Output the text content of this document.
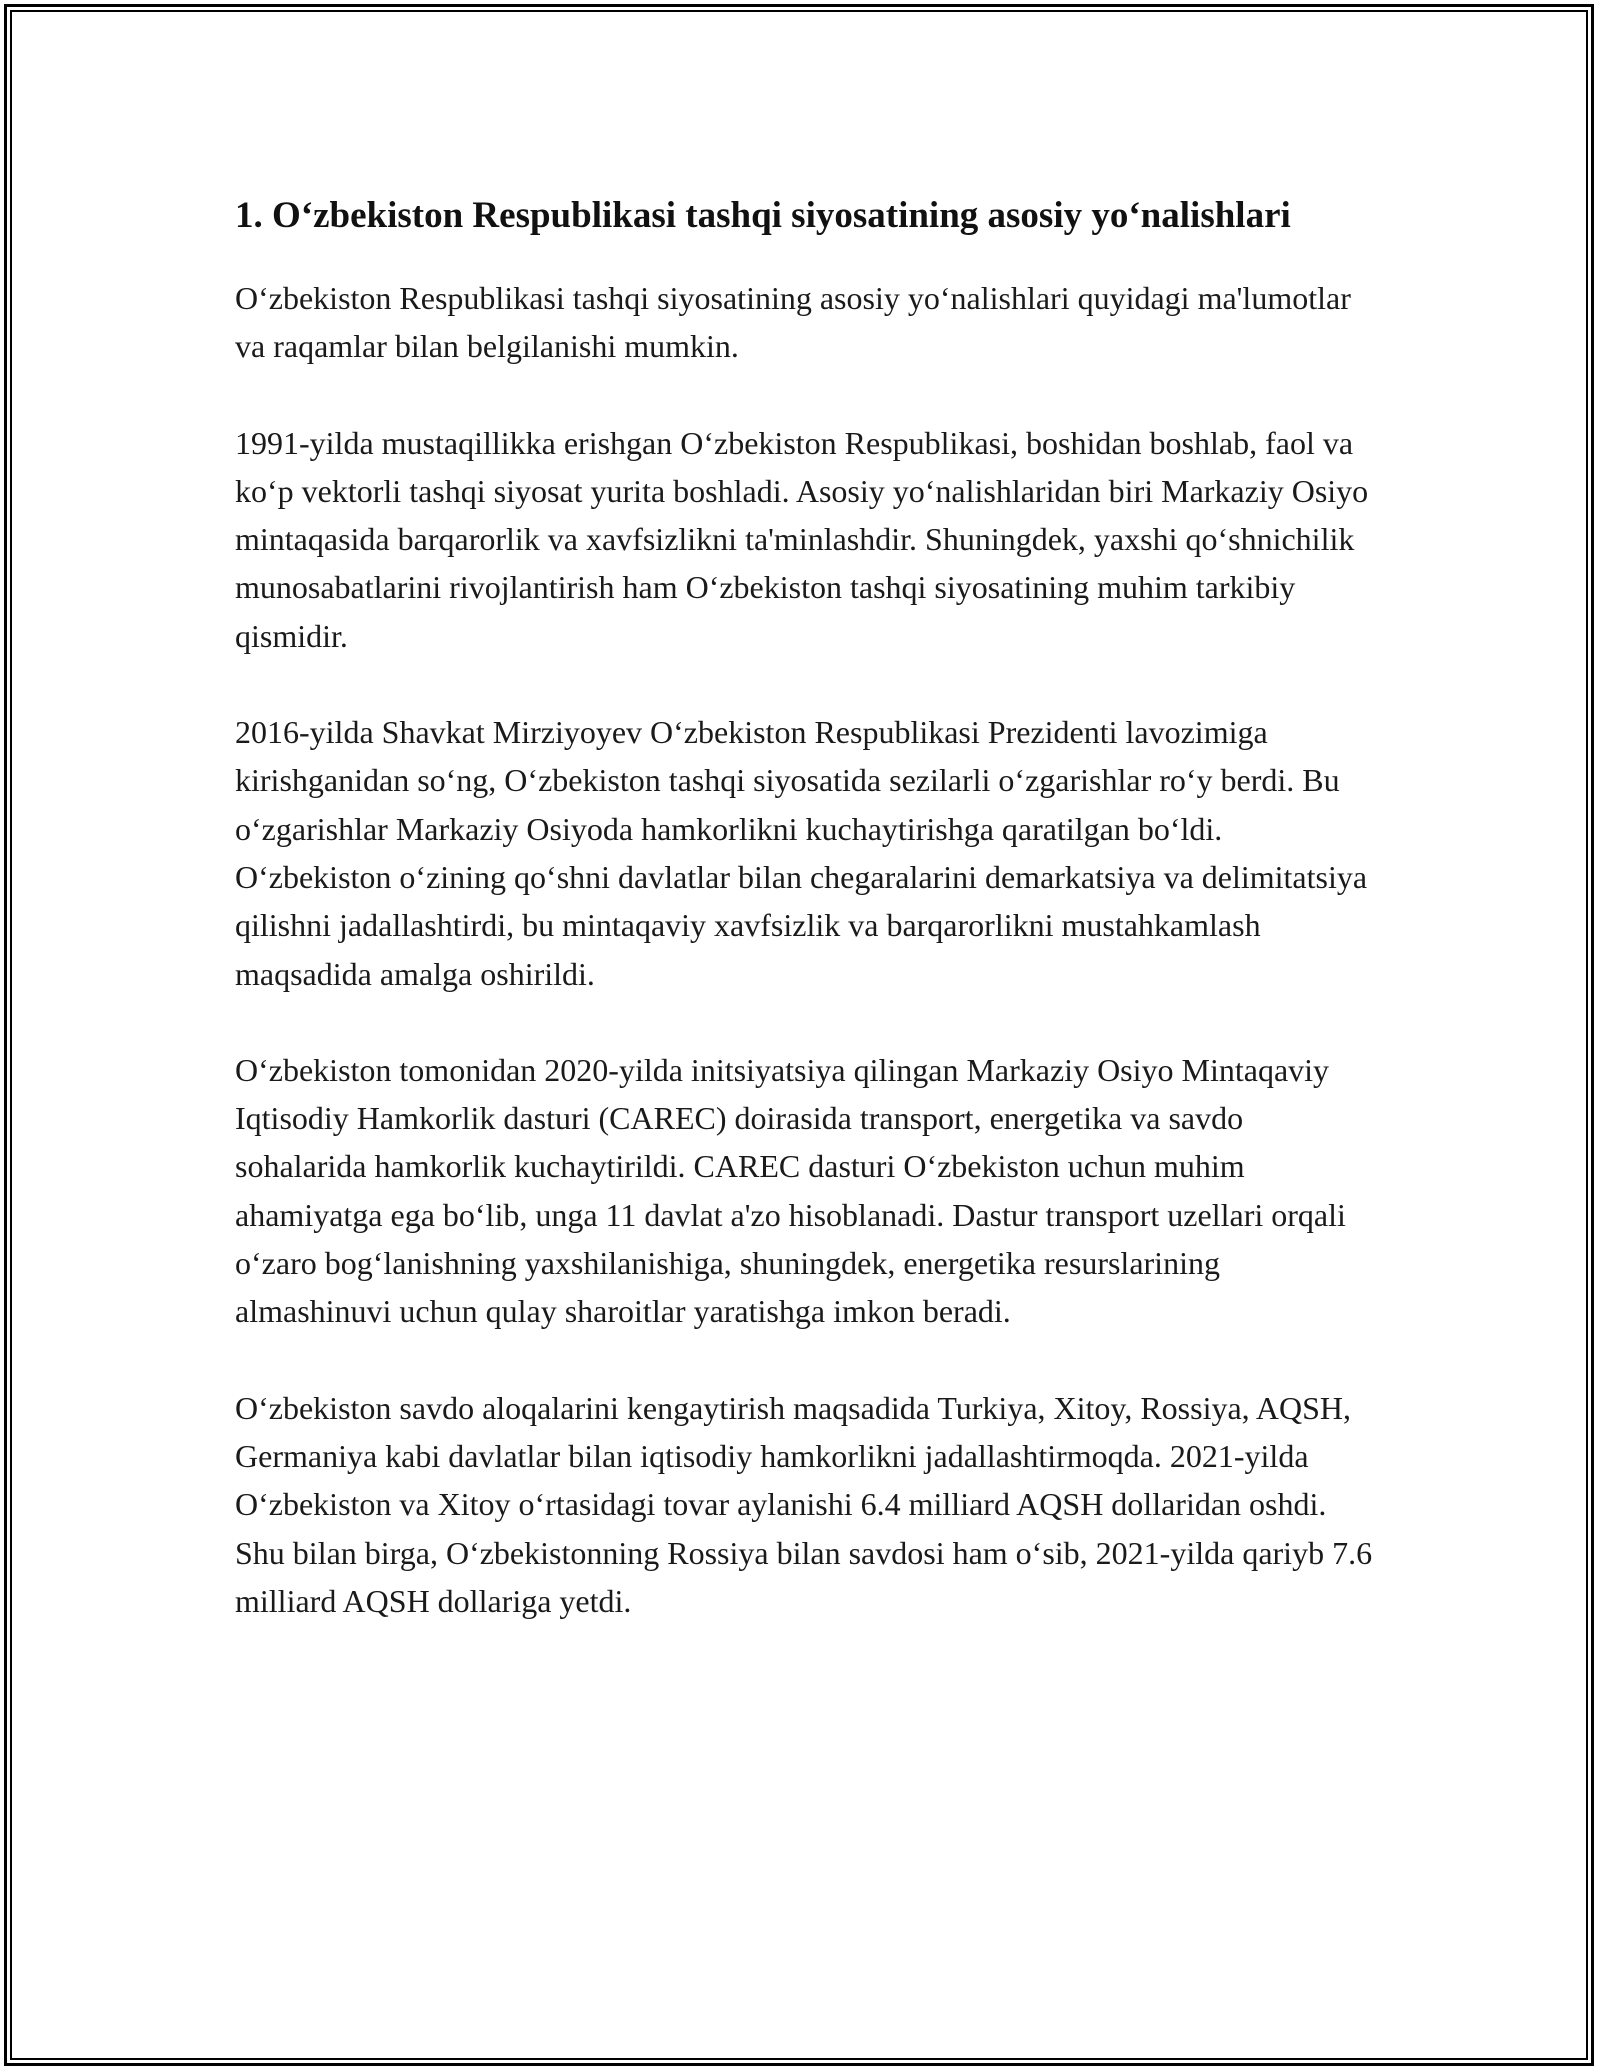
1. Oʻzbekiston Respublikasi tashqi siyosatining asosiy yoʻnalishlari

Oʻzbekiston Respublikasi tashqi siyosatining asosiy yoʻnalishlari quyidagi ma'lumotlar va raqamlar bilan belgilanishi mumkin.

1991-yilda mustaqillikka erishgan Oʻzbekiston Respublikasi, boshidan boshlab, faol va koʻp vektorli tashqi siyosat yurita boshladi. Asosiy yoʻnalishlaridan biri Markaziy Osiyo mintaqasida barqarorlik va xavfsizlikni ta'minlashdir. Shuningdek, yaxshi qoʻshnichilik munosabatlarini rivojlantirish ham Oʻzbekiston tashqi siyosatining muhim tarkibiy qismidir.

2016-yilda Shavkat Mirziyoyev Oʻzbekiston Respublikasi Prezidenti lavozimiga kirishganidan soʻng, Oʻzbekiston tashqi siyosatida sezilarli oʻzgarishlar roʻy berdi. Bu oʻzgarishlar Markaziy Osiyoda hamkorlikni kuchaytirishga qaratilgan boʻldi. Oʻzbekiston oʻzining qoʻshni davlatlar bilan chegaralarini demarkatsiya va delimitatsiya qilishni jadallashtirdi, bu mintaqaviy xavfsizlik va barqarorlikni mustahkamlash maqsadida amalga oshirildi.

Oʻzbekiston tomonidan 2020-yilda initsiyatsiya qilingan Markaziy Osiyo Mintaqaviy Iqtisodiy Hamkorlik dasturi (CAREC) doirasida transport, energetika va savdo sohalarida hamkorlik kuchaytirildi. CAREC dasturi Oʻzbekiston uchun muhim ahamiyatga ega boʻlib, unga 11 davlat a'zo hisoblanadi. Dastur transport uzellari orqali oʻzaro bogʻlanishning yaxshilanishiga, shuningdek, energetika resurslarining almashinuvi uchun qulay sharoitlar yaratishga imkon beradi.

Oʻzbekiston savdo aloqalarini kengaytirish maqsadida Turkiya, Xitoy, Rossiya, AQSH, Germaniya kabi davlatlar bilan iqtisodiy hamkorlikni jadallashtirmoqda. 2021-yilda Oʻzbekiston va Xitoy oʻrtasidagi tovar aylanishi 6.4 milliard AQSH dollaridan oshdi. Shu bilan birga, Oʻzbekistonning Rossiya bilan savdosi ham oʻsib, 2021-yilda qariyb 7.6 milliard AQSH dollariga yetdi.
